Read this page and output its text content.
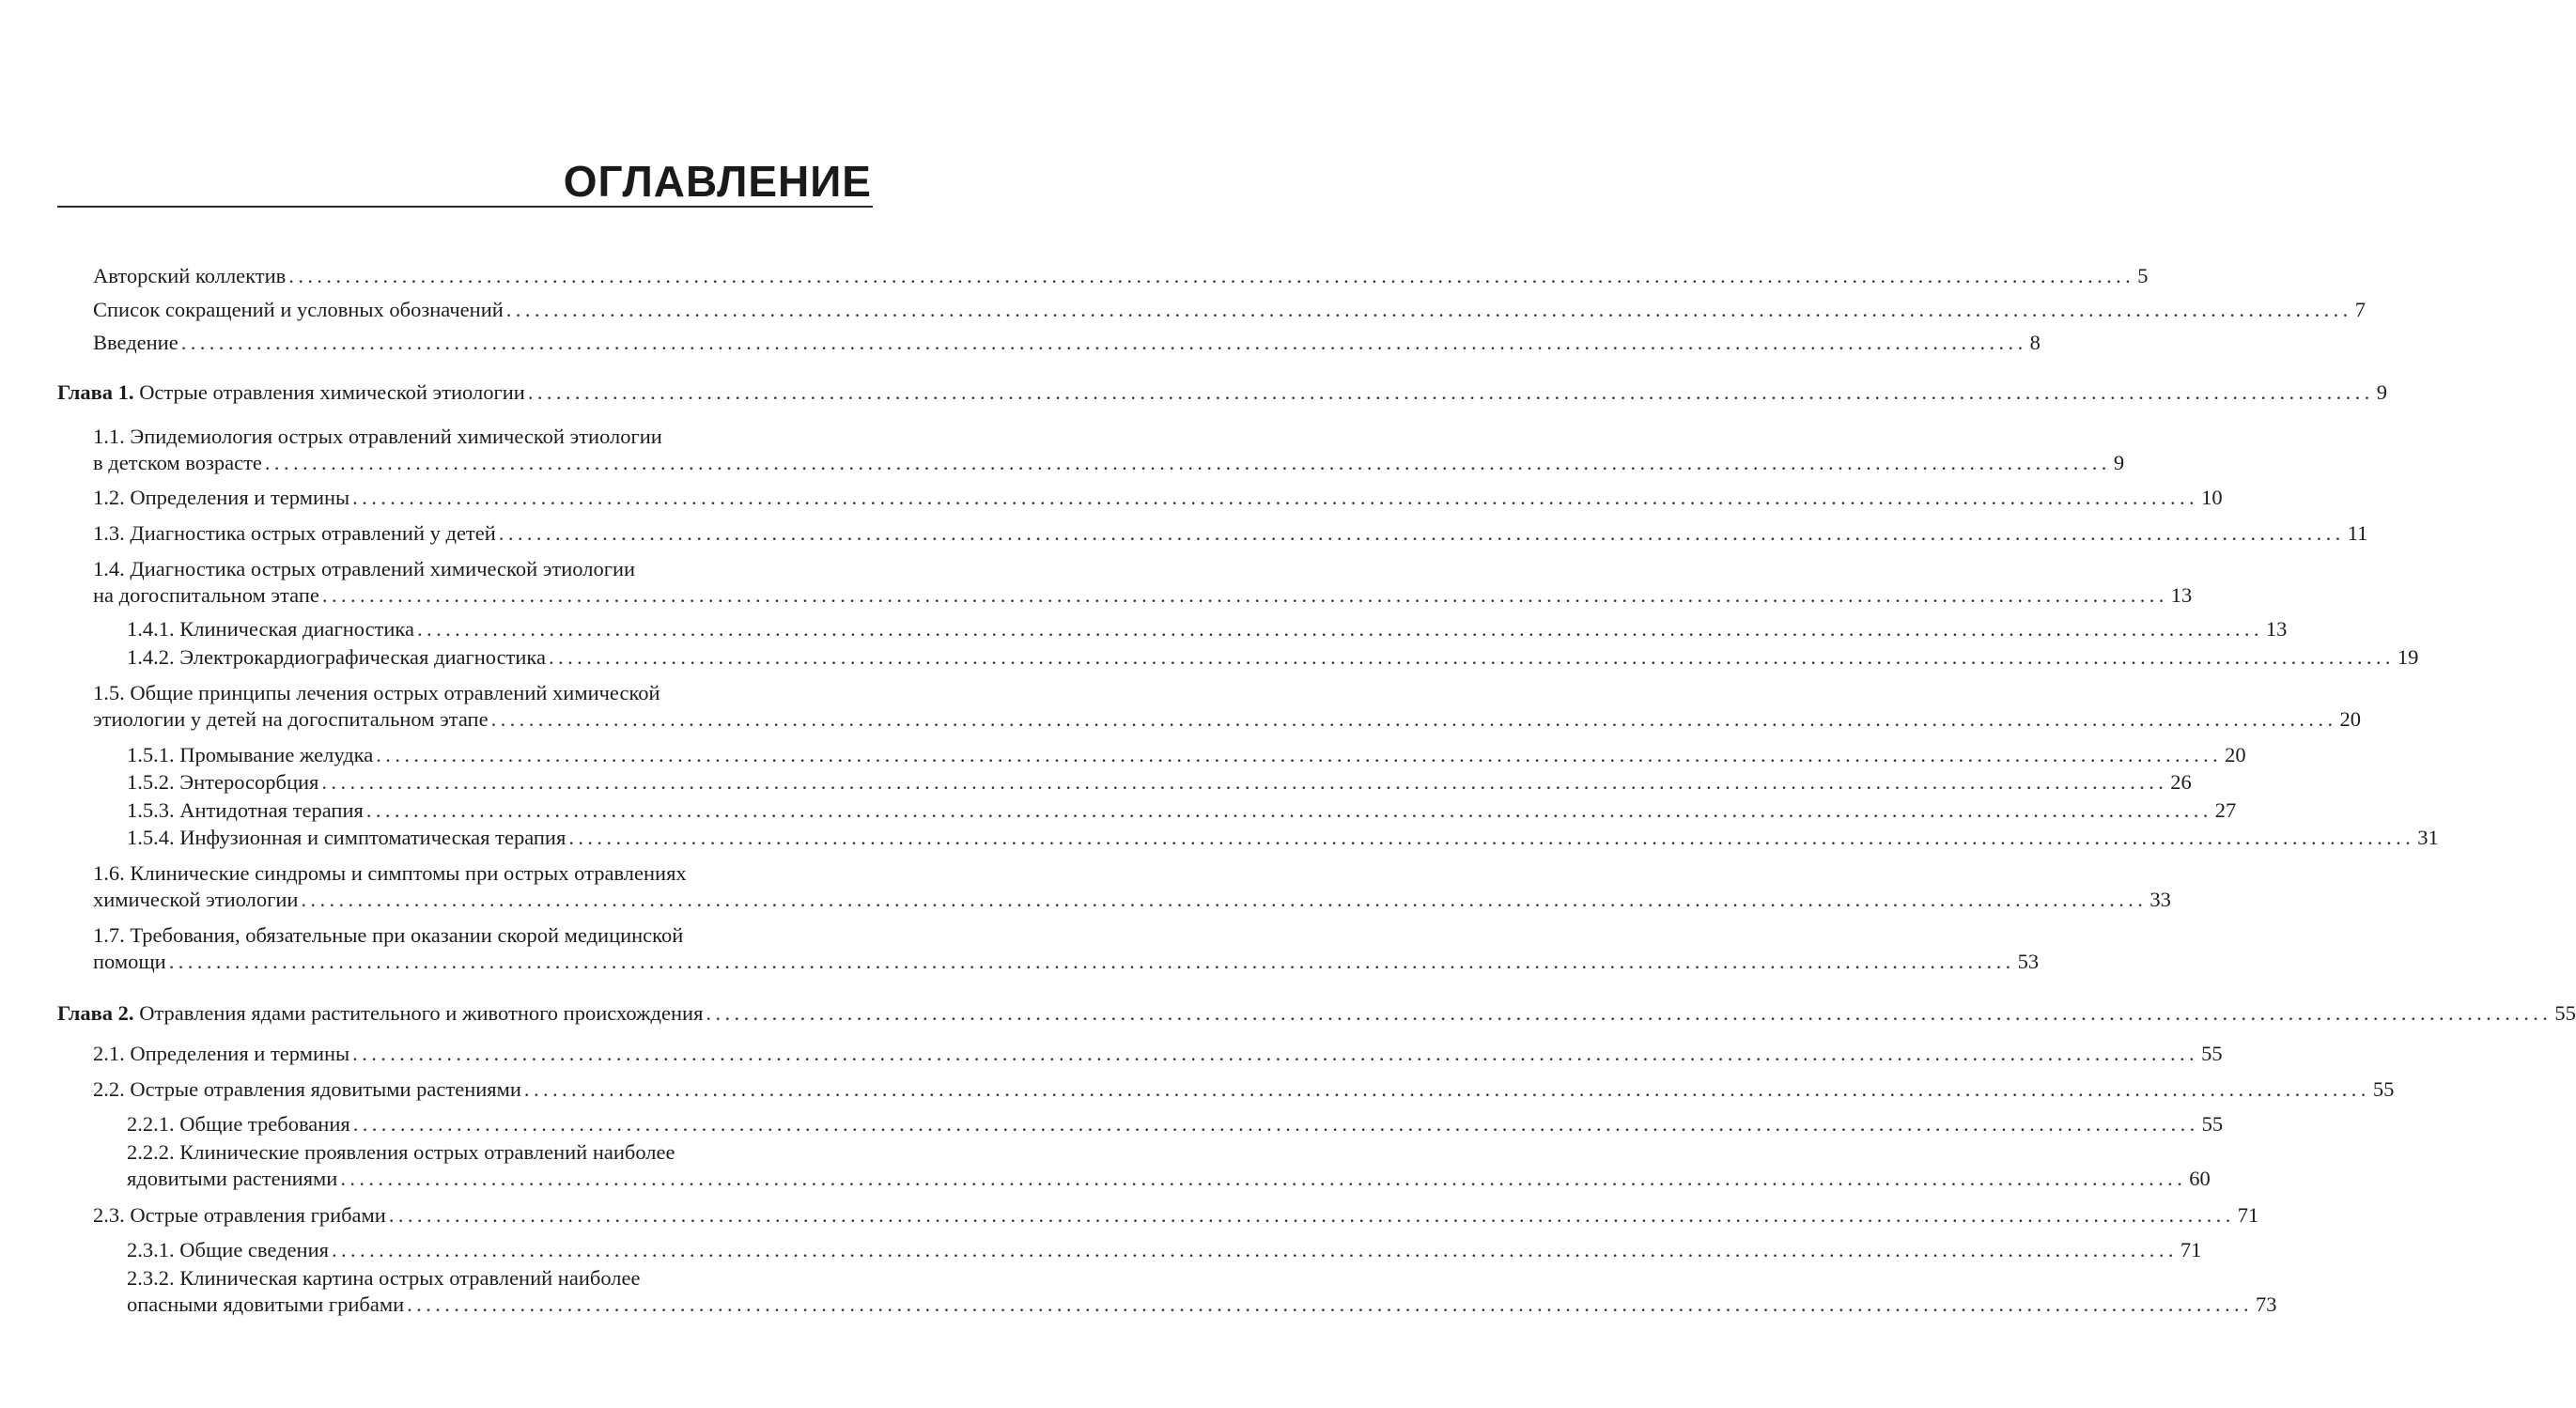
ОГЛАВЛЕНИЕ
Авторский коллектив .................................................................................................................................................................................................... 5
Список сокращений и условных обозначений .................................................................................................................................................................................................... 7
Введение .................................................................................................................................................................................................... 8
Глава 1. Острые отравления химической этиологии .................................................................................................................................................................................................... 9
1.1. Эпидемиология острых отравлений химической этиологии
в детском возрасте .................................................................................................................................................................................................... 9
1.2. Определения и термины .................................................................................................................................................................................................... 10
1.3. Диагностика острых отравлений у детей .................................................................................................................................................................................................... 11
1.4. Диагностика острых отравлений химической этиологии
на догоспитальном этапе .................................................................................................................................................................................................... 13
1.4.1. Клиническая диагностика .................................................................................................................................................................................................... 13
1.4.2. Электрокардиографическая диагностика .................................................................................................................................................................................................... 19
1.5. Общие принципы лечения острых отравлений химической
этиологии у детей на догоспитальном этапе .................................................................................................................................................................................................... 20
1.5.1. Промывание желудка .................................................................................................................................................................................................... 20
1.5.2. Энтеросорбция .................................................................................................................................................................................................... 26
1.5.3. Антидотная терапия .................................................................................................................................................................................................... 27
1.5.4. Инфузионная и симптоматическая терапия .................................................................................................................................................................................................... 31
1.6. Клинические синдромы и симптомы при острых отравлениях
химической этиологии .................................................................................................................................................................................................... 33
1.7. Требования, обязательные при оказании скорой медицинской
помощи .................................................................................................................................................................................................... 53
Глава 2. Отравления ядами растительного и животного происхождения .................................................................................................................................................................................................... 55
2.1. Определения и термины .................................................................................................................................................................................................... 55
2.2. Острые отравления ядовитыми растениями .................................................................................................................................................................................................... 55
2.2.1. Общие требования .................................................................................................................................................................................................... 55
2.2.2. Клинические проявления острых отравлений наиболее
ядовитыми растениями .................................................................................................................................................................................................... 60
2.3. Острые отравления грибами .................................................................................................................................................................................................... 71
2.3.1. Общие сведения .................................................................................................................................................................................................... 71
2.3.2. Клиническая картина острых отравлений наиболее
опасными ядовитыми грибами .................................................................................................................................................................................................... 73
